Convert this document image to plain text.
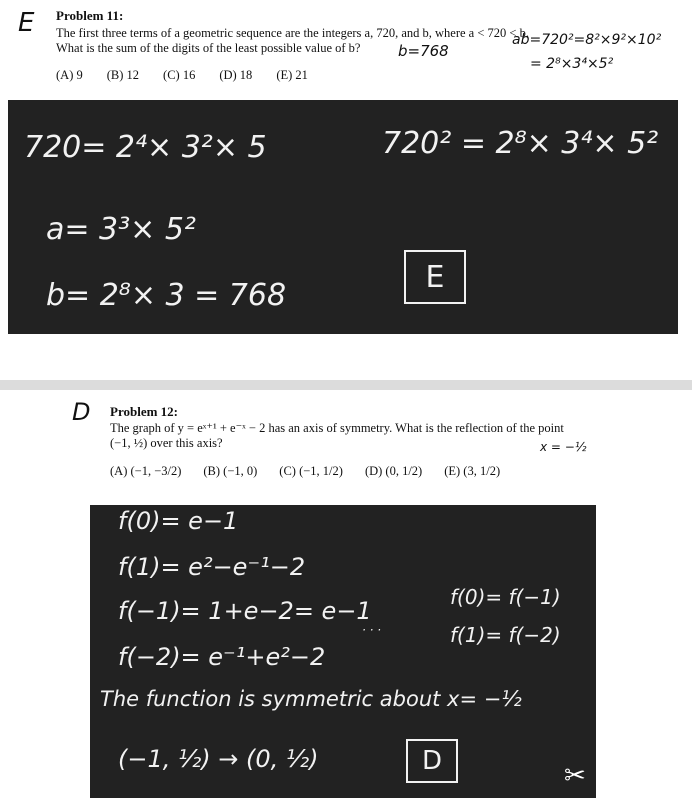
E Problem 11:
The first three terms of a geometric sequence are the integers a, 720, and b, where a < 720 < b.
What is the sum of the digits of the least possible value of b?	b=768
ab=720²=8²×9²×10²
= 2⁸×3⁴×5²
(A) 9 (B) 12 (C) 16 (D) 18 (E) 21
720= 2⁴× 3²× 5	720² = 2⁸× 3⁴× 5²
a= 3³× 5²
b= 2⁸× 3 = 768
E
D Problem 12:
The graph of y = eˣ⁺¹ + e⁻ˣ − 2 has an axis of symmetry. What is the reflection of the point
(−1, ½) over this axis?	x = −½
(A) (−1, −3/2) (B) (−1, 0) (C) (−1, 1/2) (D) (0, 1/2) (E) (3, 1/2)
f(0)= e−1
f(1)= e²−e⁻¹−2
f(−1)= 1+e−2= e−1
f(−2)= e⁻¹+e²−2
f(0)= f(−1)
f(1)= f(−2)
· · ·
The function is symmetric about x= −½
(−1, ½) → (0, ½)	D	✂
